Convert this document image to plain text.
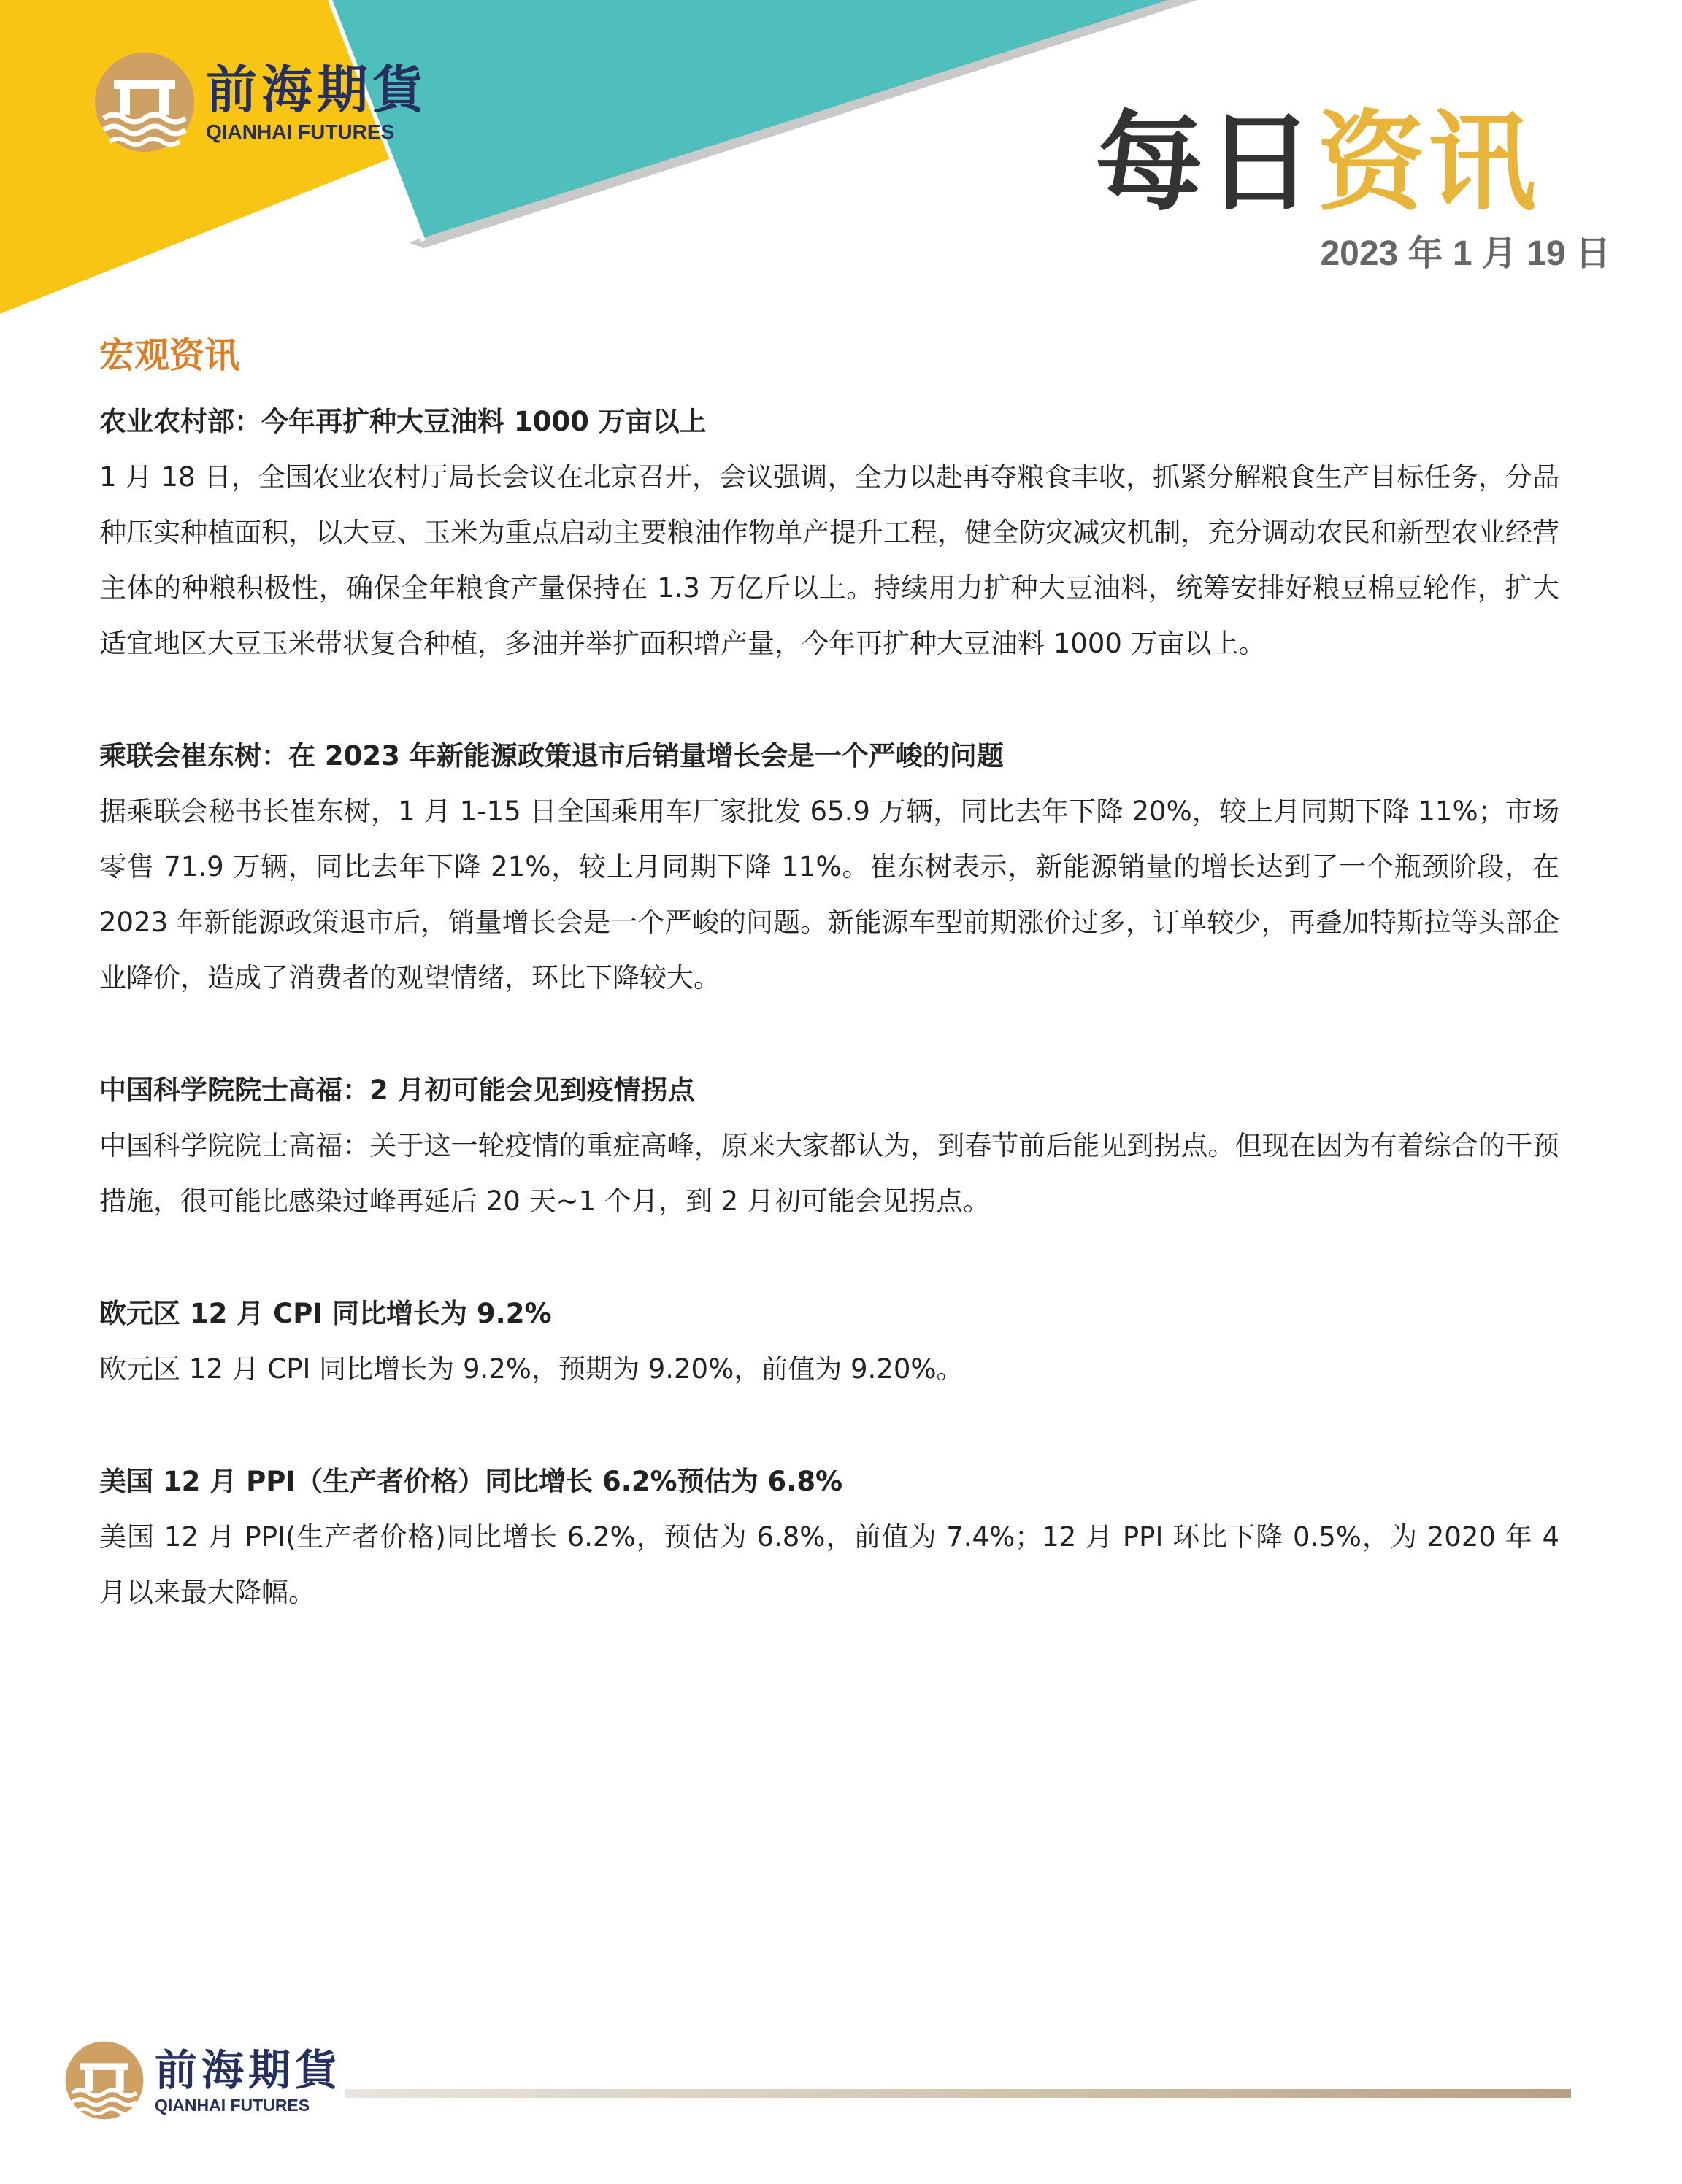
前海期貨
QIANHAI FUTURES	每日资讯
2023 年 1 月 19 日
宏观资讯
农业农村部：今年再扩种大豆油料 1000 万亩以上
1 月 18 日，全国农业农村厅局长会议在北京召开，会议强调，全力以赴再夺粮食丰收，抓紧分解粮食生产目标任务，分品种压实种植面积，以大豆、玉米为重点启动主要粮油作物单产提升工程，健全防灾减灾机制，充分调动农民和新型农业经营主体的种粮积极性，确保全年粮食产量保持在 1.3 万亿斤以上。持续用力扩种大豆油料，统筹安排好粮豆棉豆轮作，扩大适宜地区大豆玉米带状复合种植，多油并举扩面积增产量，今年再扩种大豆油料 1000 万亩以上。
乘联会崔东树：在 2023 年新能源政策退市后销量增长会是一个严峻的问题
据乘联会秘书长崔东树，1 月 1-15 日全国乘用车厂家批发 65.9 万辆，同比去年下降 20%，较上月同期下降 11%；市场零售 71.9 万辆，同比去年下降 21%，较上月同期下降 11%。崔东树表示，新能源销量的增长达到了一个瓶颈阶段，在 2023 年新能源政策退市后，销量增长会是一个严峻的问题。新能源车型前期涨价过多，订单较少，再叠加特斯拉等头部企业降价，造成了消费者的观望情绪，环比下降较大。
中国科学院院士高福：2 月初可能会见到疫情拐点
中国科学院院士高福：关于这一轮疫情的重症高峰，原来大家都认为，到春节前后能见到拐点。但现在因为有着综合的干预措施，很可能比感染过峰再延后 20 天~1 个月，到 2 月初可能会见拐点。
欧元区 12 月 CPI 同比增长为 9.2%
欧元区 12 月 CPI 同比增长为 9.2%，预期为 9.20%，前值为 9.20%。
美国 12 月 PPI（生产者价格）同比增长 6.2%预估为 6.8%
美国 12 月 PPI(生产者价格)同比增长 6.2%，预估为 6.8%，前值为 7.4%；12 月 PPI 环比下降 0.5%，为 2020 年 4 月以来最大降幅。
前海期貨
QIANHAI FUTURES
